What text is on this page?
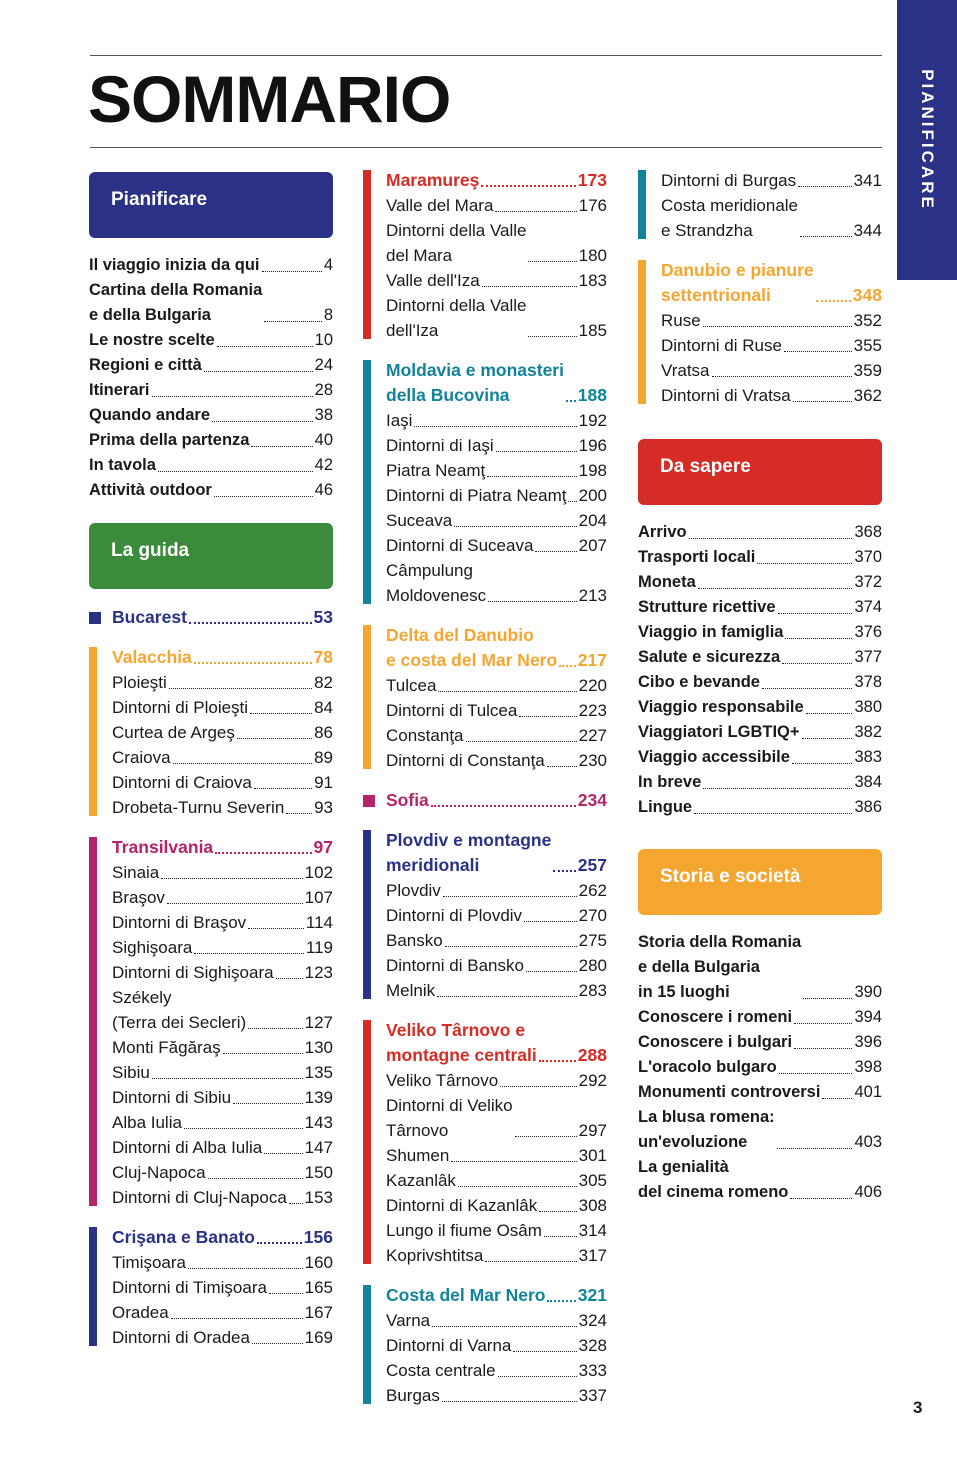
SOMMARIO	PIANIFICARE
Pianificare
Il viaggio inizia da qui	4
Cartina della Romania
e della Bulgaria	8
Le nostre scelte	10
Regioni e città	24
Itinerari	28
Quando andare	38
Prima della partenza	40
In tavola	42
Attività outdoor	46
La guida
Bucarest	53
Valacchia	78
Ploieşti	82
Dintorni di Ploieşti	84
Curtea de Argeş	86
Craiova	89
Dintorni di Craiova	91
Drobeta-Turnu Severin 93
Transilvania	97
Sinaia	102
Braşov	107
Dintorni di Braşov	114
Sighişoara	119
Dintorni di Sighişoara 123
Székely
(Terra dei Secleri)	127
Monti Făgăraş	130
Sibiu	135
Dintorni di Sibiu	139
Alba Iulia	143
Dintorni di Alba Iulia 147
Cluj-Napoca	150
Dintorni di Cluj-Napoca 153
Crişana e Banato	156
Timişoara	160
Dintorni di Timişoara 165
Oradea	167
Dintorni di Oradea	169
Maramureş	173
Valle del Mara	176
Dintorni della Valle
del Mara	180
Valle dell'Iza	183
Dintorni della Valle
dell'Iza	185
Moldavia e monasteri
della Bucovina	188
Iaşi	192
Dintorni di Iaşi	196
Piatra Neamţ	198
Dintorni di Piatra Neamţ 200
Suceava	204
Dintorni di Suceava	207
Câmpulung
Moldovenesc	213
Delta del Danubio
e costa del Mar Nero 217
Tulcea	220
Dintorni di Tulcea	223
Constanţa	227
Dintorni di Constanţa 230
Sofia	234
Plovdiv e montagne
meridionali	257
Plovdiv	262
Dintorni di Plovdiv	270
Bansko	275
Dintorni di Bansko	280
Melnik	283
Veliko Târnovo e
montagne centrali 288
Veliko Târnovo	292
Dintorni di Veliko
Târnovo	297
Shumen	301
Kazanlâk	305
Dintorni di Kazanlâk 308
Lungo il fiume Osâm 314
Koprivshtitsa	317
Costa del Mar Nero 321
Varna	324
Dintorni di Varna	328
Costa centrale	333
Burgas	337
Dintorni di Burgas	341
Costa meridionale
e Strandzha	344
Danubio e pianure
settentrionali	348
Ruse	352
Dintorni di Ruse	355
Vratsa	359
Dintorni di Vratsa	362
Da sapere
Arrivo	368
Trasporti locali	370
Moneta	372
Strutture ricettive	374
Viaggio in famiglia	376
Salute e sicurezza	377
Cibo e bevande	378
Viaggio responsabile	380
Viaggiatori LGBTIQ+	382
Viaggio accessibile	383
In breve	384
Lingue	386
Storia e società
Storia della Romania
e della Bulgaria
in 15 luoghi	390
Conoscere i romeni	394
Conoscere i bulgari	396
L'oracolo bulgaro	398
Monumenti controversi 401
La blusa romena:
un'evoluzione	403
La genialità
del cinema romeno	406
3
